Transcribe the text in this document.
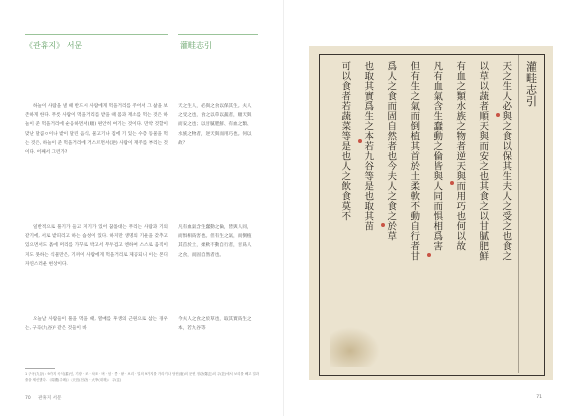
《관휴지》 서문	灌畦志引

하늘이 사람을 낼 때 반드시 사람에게 먹을거리를 주어서 그 삶을 보존하게 한다. 무릇 사람이 먹을거리를 받을 때 몸과 재소를 먹는 것은 하늘이 준 먹을거리에 순응하면서(順) 편안히 여기는 것이다. 만약 것할이 맞난 달콤ㅇ이나 밭이 달린 음식, 물고기나 짐에 기 있는 수층 동물을 먹는 것은, 하늘이 준 먹을거리에 거스르면서(逆) 사람이 재주를 부리는 것이다. 어째서 그런가?

天之生人，必與之食以保其生。夫人之受之也，食之以草以蔬者，順天與而安之也；以甘膩肥鮮、有血之類、水族之物者，逆天與而用巧也。何以故？

일반적으로 풀기가 들고 지기가 있어 꿈틀대는 무리는 사람과 기의 같기에, 서로 밭피리고 하는 습성이 있다. 하지만 생명의 기운을 갖추고 있으면서도 흙에 머리를 가꾸로 박고서 무두겁고 엔하여 스스로 움직이지도 못하는 식물만은, 기꺼이 사람에게 먹을거리로 제공되니 이는 본디 자연스러운 현상이다.

凡有血氣含生蠢動之倫，皆與人同，而惧相爲害也。但有生之氣，而倒植其首於土，柔軟不動自行者，甘爲人之食，而固自然者也。

오늘날 사람들이 풀을 먹을 때, 열매를 후생의 근원으로 삼는 경우는, 구곡(九谷)¹ 같은 것들이 바

今夫人之食之於草也，取其實爲生之本，若九谷等

1 구곡(九谷) : 9가지 곡식(黍)인, 기장 · 조 · 차조 · 벼 · 삼 · 콩 · 팥 · 보리 · 밀의 9가지를 가리키나 당헌(唐)의 문헌 정관(鄭玄)의 주(註)에서 보리를 빼고 밀과 줄을 제신했다. 《周禮(주례)》〈天官(천관) · 大宰(대재)〉 주(注)
70 관휴지 서문
灌畦志引
天之生人必與之食以保其生夫人之受之也食之
以草以蔬者順天與而安之也其食之以甘膩肥鮮
有血之類水族之物者逆天與而用巧也何以故
凡有血氣含生蠢動之倫皆與人同而惧相爲害
但有生之氣而倒植其首於土柔軟不動自行者甘
爲人之食而固自然者也今夫人之食之於草
也取其實爲生之本若九谷等是也取其苗
可以食者若蔬菜等是也人之飲食莫不
71
